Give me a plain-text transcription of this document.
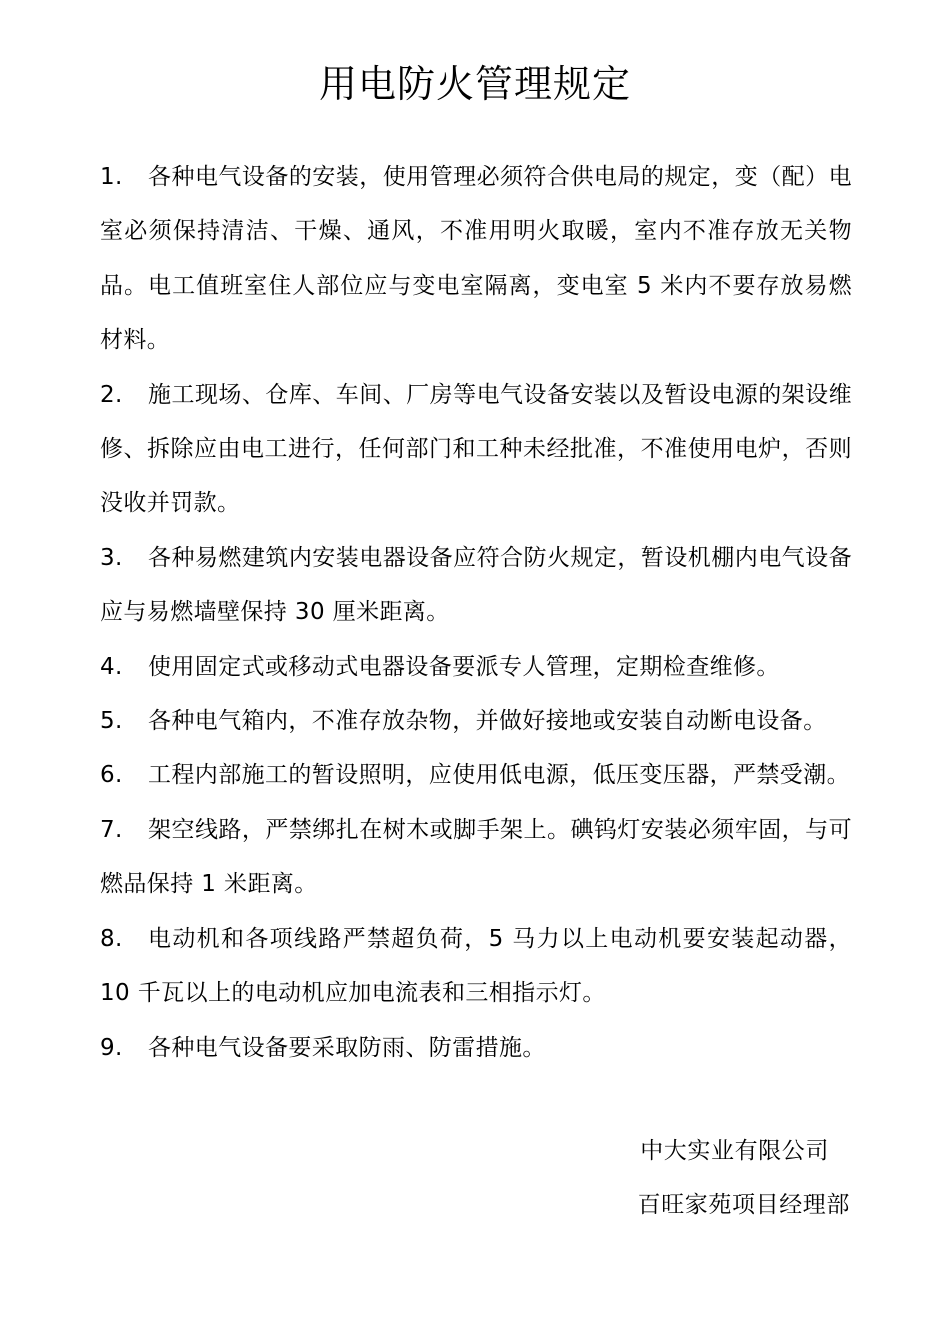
用电防火管理规定
1.	各种电气设备的安装，使用管理必须符合供电局的规定，变（配）电室必须保持清洁、干燥、通风，不准用明火取暖，室内不准存放无关物品。电工值班室住人部位应与变电室隔离，变电室 5 米内不要存放易燃材料。
2.	施工现场、仓库、车间、厂房等电气设备安装以及暂设电源的架设维修、拆除应由电工进行，任何部门和工种未经批准，不准使用电炉，否则没收并罚款。
3.	各种易燃建筑内安装电器设备应符合防火规定，暂设机棚内电气设备应与易燃墙壁保持 30 厘米距离。
4.	使用固定式或移动式电器设备要派专人管理，定期检查维修。
5.	各种电气箱内，不准存放杂物，并做好接地或安装自动断电设备。
6.	工程内部施工的暂设照明，应使用低电源，低压变压器，严禁受潮。
7.	架空线路，严禁绑扎在树木或脚手架上。碘钨灯安装必须牢固，与可燃品保持 1 米距离。
8.	电动机和各项线路严禁超负荷，5 马力以上电动机要安装起动器，10 千瓦以上的电动机应加电流表和三相指示灯。
9.	各种电气设备要采取防雨、防雷措施。
中大实业有限公司
百旺家苑项目经理部
